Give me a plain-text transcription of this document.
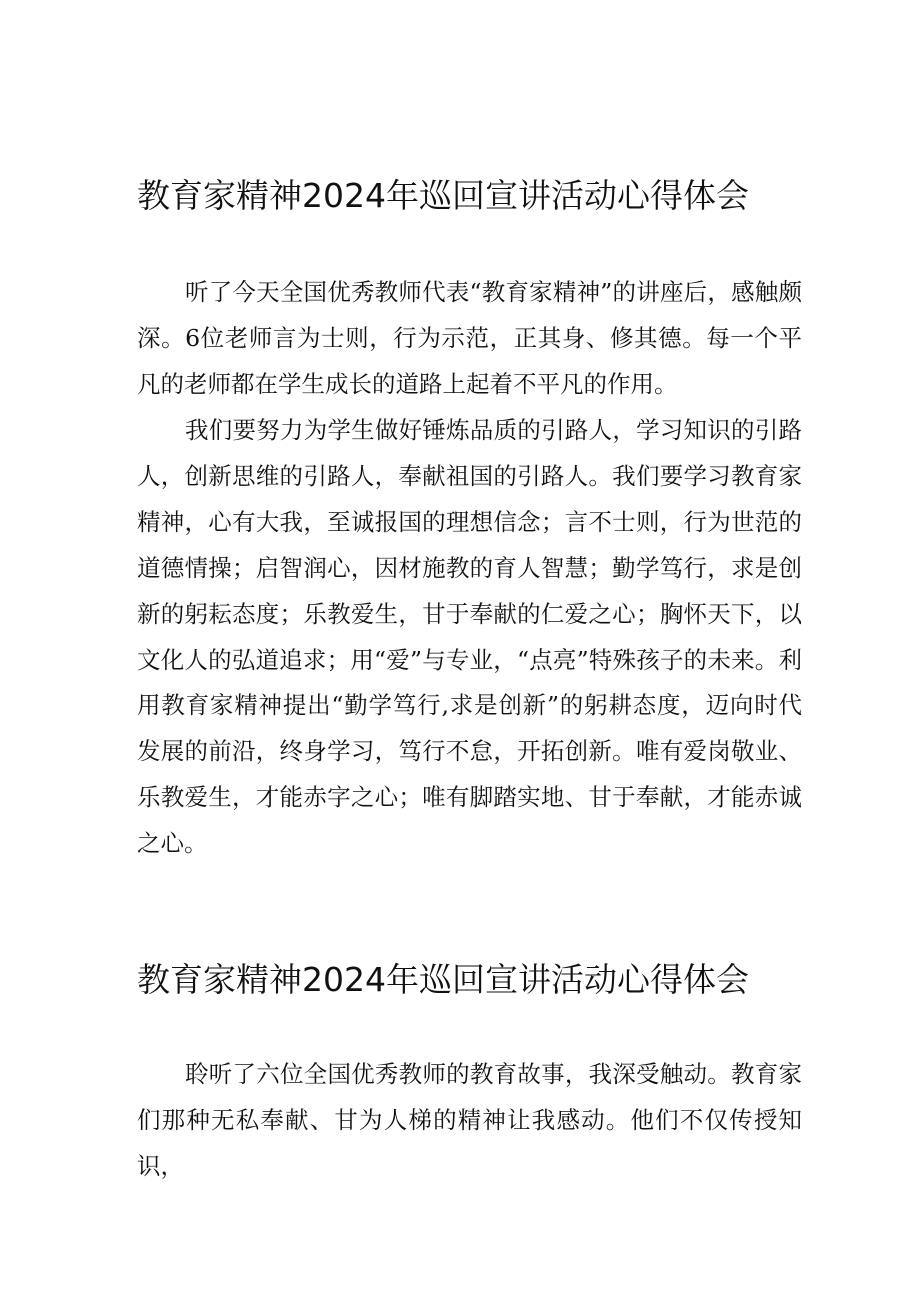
教育家精神2024年巡回宣讲活动心得体会

听了今天全国优秀教师代表“教育家精神”的讲座后，感触颇深。6位老师言为士则，行为示范，正其身、修其德。每一个平凡的老师都在学生成长的道路上起着不平凡的作用。

我们要努力为学生做好锤炼品质的引路人，学习知识的引路人，创新思维的引路人，奉献祖国的引路人。我们要学习教育家精神，心有大我，至诚报国的理想信念；言不士则，行为世范的道德情操；启智润心，因材施教的育人智慧；勤学笃行，求是创新的躬耘态度；乐教爱生，甘于奉献的仁爱之心；胸怀天下，以文化人的弘道追求；用“爱”与专业，“点亮”特殊孩子的未来。利用教育家精神提出“勤学笃行,求是创新”的躬耕态度，迈向时代发展的前沿，终身学习，笃行不怠，开拓创新。唯有爱岗敬业、乐教爱生，才能赤字之心；唯有脚踏实地、甘于奉献，才能赤诚之心。

教育家精神2024年巡回宣讲活动心得体会

聆听了六位全国优秀教师的教育故事，我深受触动。教育家们那种无私奉献、甘为人梯的精神让我感动。他们不仅传授知识，
